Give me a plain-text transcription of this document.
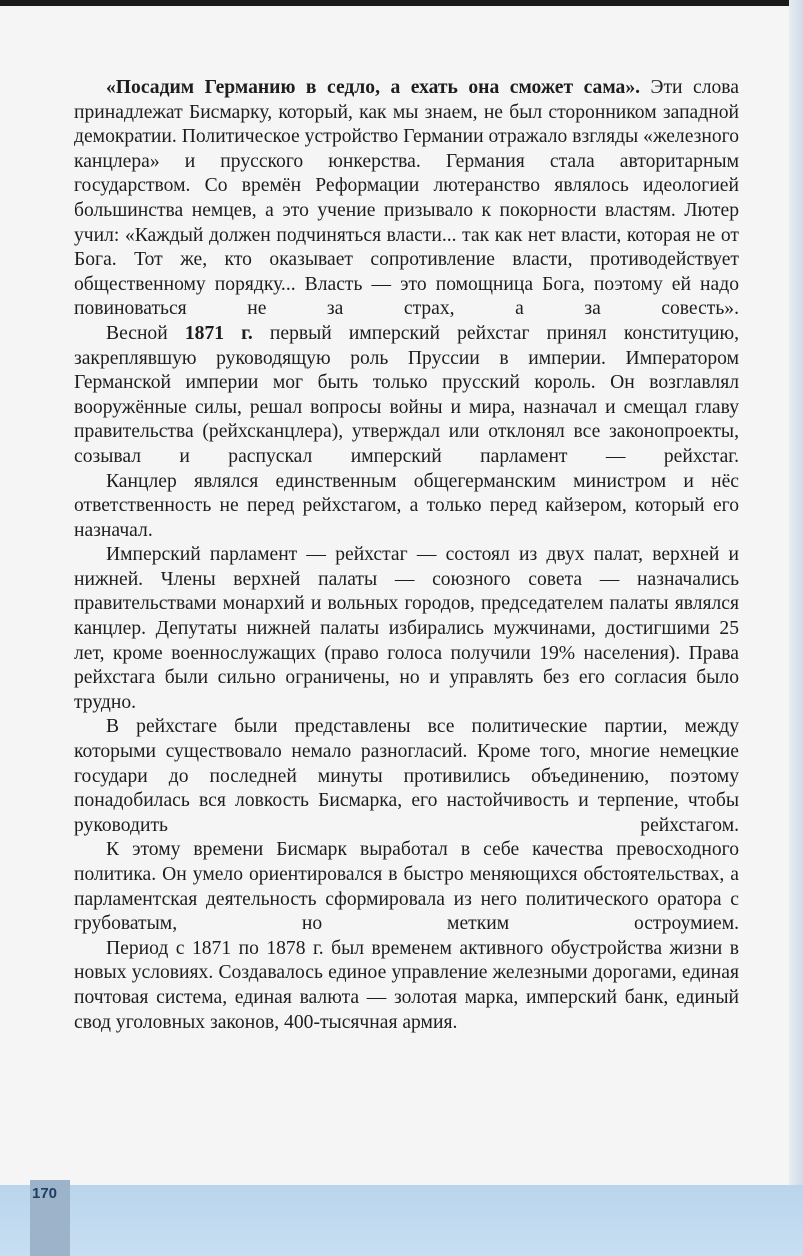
«Посадим Германию в седло, а ехать она сможет сама». Эти слова принадлежат Бисмарку, который, как мы знаем, не был сторонником западной демократии. Политическое устройство Германии отражало взгляды «железного канцлера» и прусского юнкерства. Германия стала авторитарным государством. Со времён Реформации лютеранство являлось идеологией большинства немцев, а это учение призывало к покорности властям. Лютер учил: «Каждый должен подчиняться власти... так как нет власти, которая не от Бога. Тот же, кто оказывает сопротивление власти, противодействует общественному порядку... Власть — это помощница Бога, поэтому ей надо повиноваться не за страх, а за совесть».

Весной 1871 г. первый имперский рейхстаг принял конституцию, закреплявшую руководящую роль Пруссии в империи. Императором Германской империи мог быть только прусский король. Он возглавлял вооружённые силы, решал вопросы войны и мира, назначал и смещал главу правительства (рейхсканцлера), утверждал или отклонял все законопроекты, созывал и распускал имперский парламент — рейхстаг.

Канцлер являлся единственным общегерманским министром и нёс ответственность не перед рейхстагом, а только перед кайзером, который его назначал.

Имперский парламент — рейхстаг — состоял из двух палат, верхней и нижней. Члены верхней палаты — союзного совета — назначались правительствами монархий и вольных городов, председателем палаты являлся канцлер. Депутаты нижней палаты избирались мужчинами, достигшими 25 лет, кроме военнослужащих (право голоса получили 19% населения). Права рейхстага были сильно ограничены, но и управлять без его согласия было трудно.

В рейхстаге были представлены все политические партии, между которыми существовало немало разногласий. Кроме того, многие немецкие государи до последней минуты противились объединению, поэтому понадобилась вся ловкость Бисмарка, его настойчивость и терпение, чтобы руководить рейхстагом.

К этому времени Бисмарк выработал в себе качества превосходного политика. Он умело ориентировался в быстро меняющихся обстоятельствах, а парламентская деятельность сформировала из него политического оратора с грубоватым, но метким остроумием.

Период с 1871 по 1878 г. был временем активного обустройства жизни в новых условиях. Создавалось единое управление железными дорогами, единая почтовая система, единая валюта — золотая марка, имперский банк, единый свод уголовных законов, 400-тысячная армия.

170
